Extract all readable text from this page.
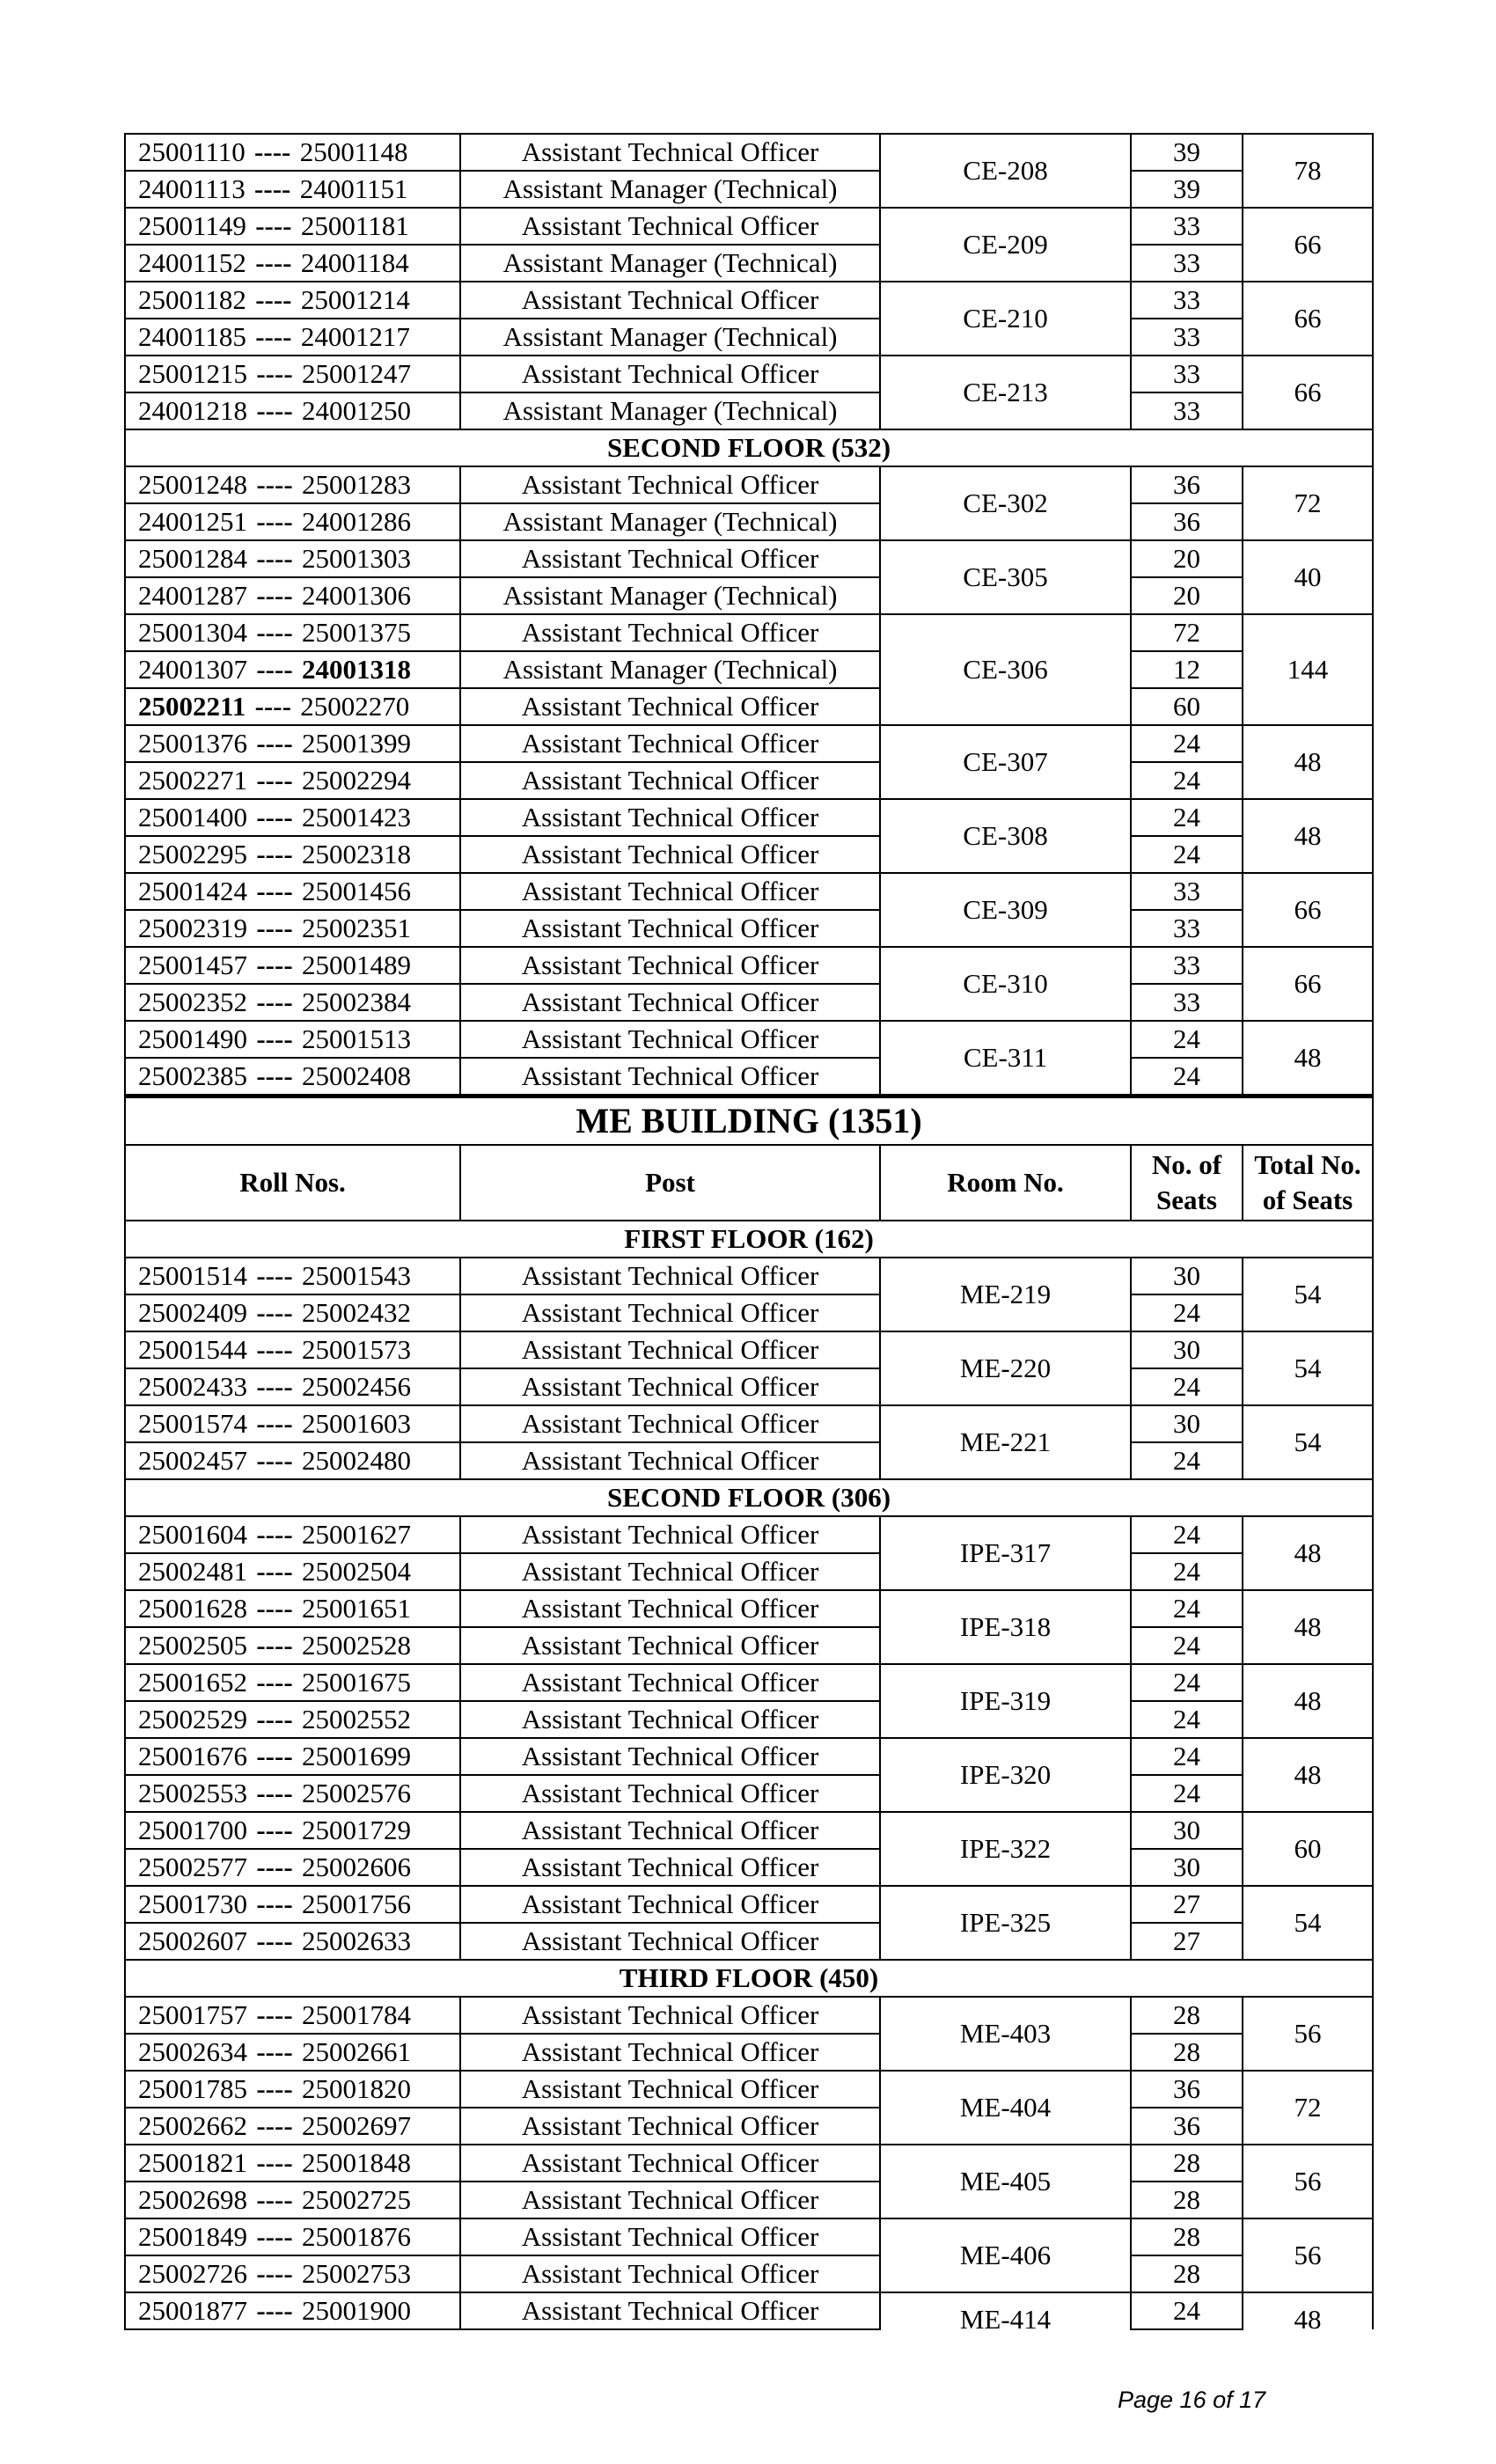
25001110 ---- 25001148	Assistant Technical Officer	CE-208	39	78
24001113 ---- 24001151	Assistant Manager (Technical)		39	
25001149 ---- 25001181	Assistant Technical Officer	CE-209	33	66
24001152 ---- 24001184	Assistant Manager (Technical)		33	
25001182 ---- 25001214	Assistant Technical Officer	CE-210	33	66
24001185 ---- 24001217	Assistant Manager (Technical)		33	
25001215 ---- 25001247	Assistant Technical Officer	CE-213	33	66
24001218 ---- 24001250	Assistant Manager (Technical)		33	
SECOND FLOOR (532)				
25001248 ---- 25001283	Assistant Technical Officer	CE-302	36	72
24001251 ---- 24001286	Assistant Manager (Technical)		36	
25001284 ---- 25001303	Assistant Technical Officer	CE-305	20	40
24001287 ---- 24001306	Assistant Manager (Technical)		20	
25001304 ---- 25001375	Assistant Technical Officer	CE-306	72	144
24001307 ---- 24001318	Assistant Manager (Technical)		12	
25002211 ---- 25002270	Assistant Technical Officer		60	
25001376 ---- 25001399	Assistant Technical Officer	CE-307	24	48
25002271 ---- 25002294	Assistant Technical Officer		24	
25001400 ---- 25001423	Assistant Technical Officer	CE-308	24	48
25002295 ---- 25002318	Assistant Technical Officer		24	
25001424 ---- 25001456	Assistant Technical Officer	CE-309	33	66
25002319 ---- 25002351	Assistant Technical Officer		33	
25001457 ---- 25001489	Assistant Technical Officer	CE-310	33	66
25002352 ---- 25002384	Assistant Technical Officer		33	
25001490 ---- 25001513	Assistant Technical Officer	CE-311	24	48
25002385 ---- 25002408	Assistant Technical Officer		24	
ME BUILDING (1351)				
Roll Nos.	Post	Room No.	No. of Seats	Total No. of Seats
FIRST FLOOR (162)				
25001514 ---- 25001543	Assistant Technical Officer	ME-219	30	54
25002409 ---- 25002432	Assistant Technical Officer		24	
25001544 ---- 25001573	Assistant Technical Officer	ME-220	30	54
25002433 ---- 25002456	Assistant Technical Officer		24	
25001574 ---- 25001603	Assistant Technical Officer	ME-221	30	54
25002457 ---- 25002480	Assistant Technical Officer		24	
SECOND FLOOR (306)				
25001604 ---- 25001627	Assistant Technical Officer	IPE-317	24	48
25002481 ---- 25002504	Assistant Technical Officer		24	
25001628 ---- 25001651	Assistant Technical Officer	IPE-318	24	48
25002505 ---- 25002528	Assistant Technical Officer		24	
25001652 ---- 25001675	Assistant Technical Officer	IPE-319	24	48
25002529 ---- 25002552	Assistant Technical Officer		24	
25001676 ---- 25001699	Assistant Technical Officer	IPE-320	24	48
25002553 ---- 25002576	Assistant Technical Officer		24	
25001700 ---- 25001729	Assistant Technical Officer	IPE-322	30	60
25002577 ---- 25002606	Assistant Technical Officer		30	
25001730 ---- 25001756	Assistant Technical Officer	IPE-325	27	54
25002607 ---- 25002633	Assistant Technical Officer		27	
THIRD FLOOR (450)				
25001757 ---- 25001784	Assistant Technical Officer	ME-403	28	56
25002634 ---- 25002661	Assistant Technical Officer		28	
25001785 ---- 25001820	Assistant Technical Officer	ME-404	36	72
25002662 ---- 25002697	Assistant Technical Officer		36	
25001821 ---- 25001848	Assistant Technical Officer	ME-405	28	56
25002698 ---- 25002725	Assistant Technical Officer		28	
25001849 ---- 25001876	Assistant Technical Officer	ME-406	28	56
25002726 ---- 25002753	Assistant Technical Officer		28	
25001877 ---- 25001900	Assistant Technical Officer	ME-414	24	48
Page 16 of 17
